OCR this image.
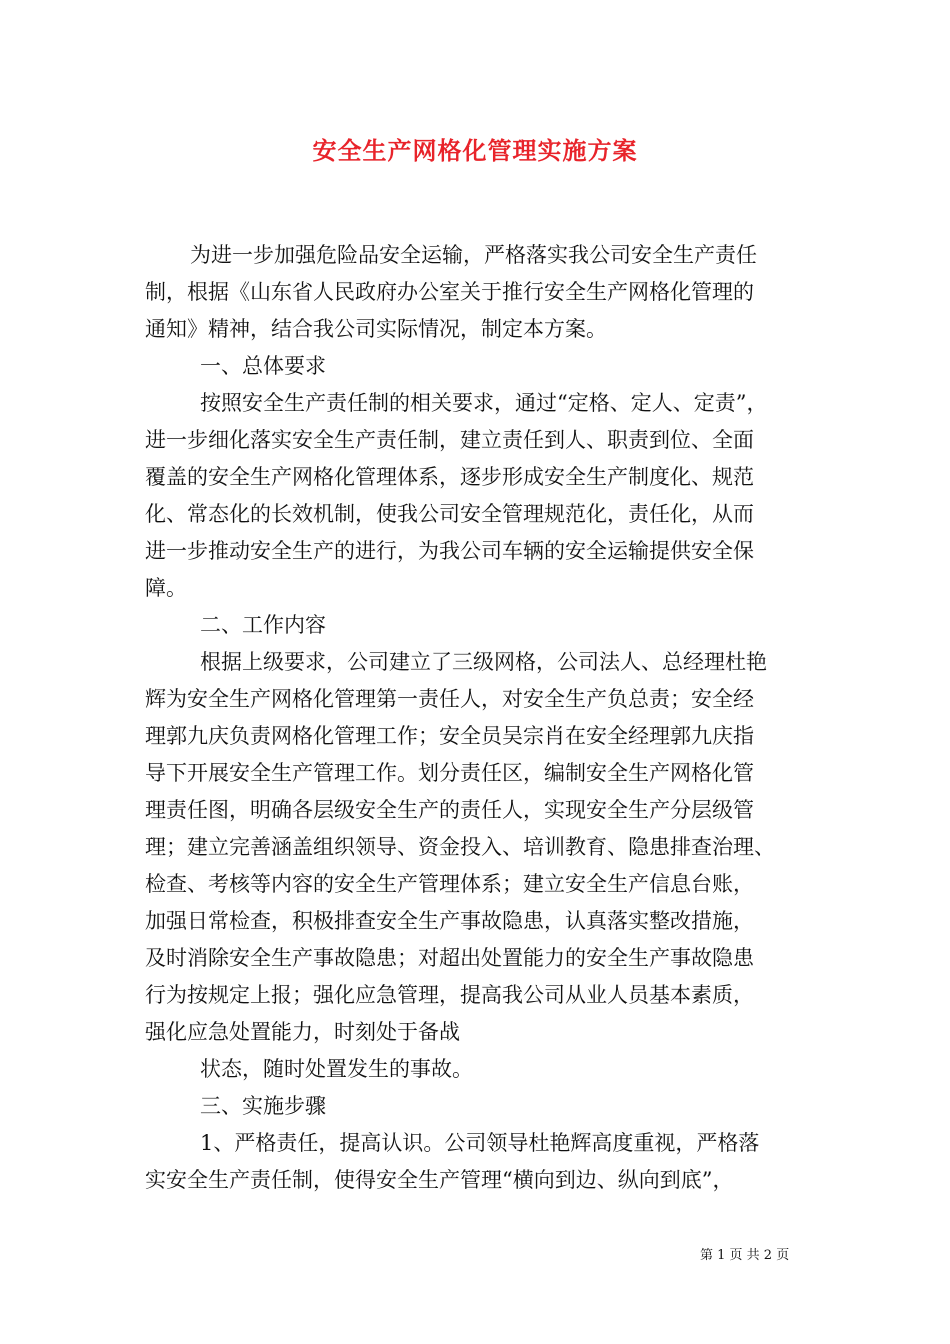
安全生产网格化管理实施方案
为进一步加强危险品安全运输，严格落实我公司安全生产责任
制，根据《山东省人民政府办公室关于推行安全生产网格化管理的
通知》精神，结合我公司实际情况，制定本方案。
一、总体要求
按照安全生产责任制的相关要求，通过“定格、定人、定责”，
进一步细化落实安全生产责任制，建立责任到人、职责到位、全面
覆盖的安全生产网格化管理体系，逐步形成安全生产制度化、规范
化、常态化的长效机制，使我公司安全管理规范化，责任化，从而
进一步推动安全生产的进行，为我公司车辆的安全运输提供安全保
障。
二、工作内容
根据上级要求，公司建立了三级网格，公司法人、总经理杜艳
辉为安全生产网格化管理第一责任人，对安全生产负总责；安全经
理郭九庆负责网格化管理工作；安全员吴宗肖在安全经理郭九庆指
导下开展安全生产管理工作。划分责任区，编制安全生产网格化管
理责任图，明确各层级安全生产的责任人，实现安全生产分层级管
理；建立完善涵盖组织领导、资金投入、培训教育、隐患排查治理、
检查、考核等内容的安全生产管理体系；建立安全生产信息台账，
加强日常检查，积极排查安全生产事故隐患，认真落实整改措施，
及时消除安全生产事故隐患；对超出处置能力的安全生产事故隐患
行为按规定上报；强化应急管理，提高我公司从业人员基本素质，
强化应急处置能力，时刻处于备战
状态，随时处置发生的事故。
三、实施步骤
1、严格责任，提高认识。公司领导杜艳辉高度重视，严格落
实安全生产责任制，使得安全生产管理“横向到边、纵向到底”，
第 1 页 共 2 页
